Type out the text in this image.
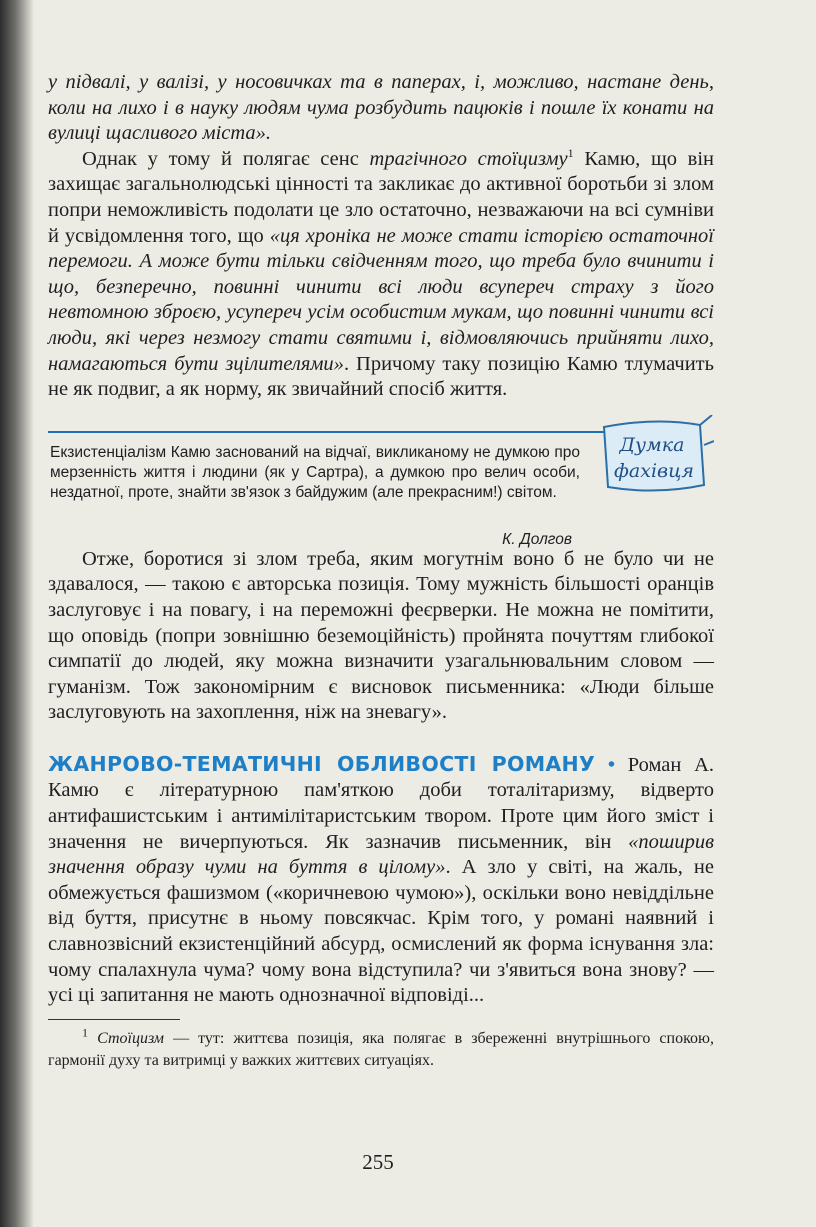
у підвалі, у валізі, у носовичках та в паперах, і, можливо, настане день, коли на лихо і в науку людям чума розбудить пацюків і пошле їх конати на вулиці щасливого міста».

Однак у тому й полягає сенс трагічного стоїцизму$^1$ Камю, що він захищає загальнолюдські цінності та закликає до активної боротьби зі злом попри неможливість подолати це зло остаточно, незважаючи на всі сумніви й усвідомлення того, що «ця хроніка не може стати історією остаточної перемоги. А може бути тільки свідченням того, що треба було вчинити і що, безперечно, повинні чинити всі люди всупереч страху з його невтомною зброєю, усупереч усім особистим мукам, що повинні чинити всі люди, які через незмогу стати святими і, відмовляючись прийняти лихо, намагаються бути зцілителями». Причому таку позицію Камю тлумачить не як подвиг, а як норму, як звичайний спосіб життя.

Екзистенціалізм Камю заснований на відчаї, викликаному не думкою про мерзенність життя і людини (як у Сартра), а думкою про велич особи, нездатної, проте, знайти зв'язок з байдужим (але прекрасним!) світом.
К. Долгов
Думка
фахівця

Отже, боротися зі злом треба, яким могутнім воно б не було чи не здавалося, — такою є авторська позиція. Тому мужність більшості оранців заслуговує і на повагу, і на переможні феєрверки. Не можна не помітити, що оповідь (попри зовнішню беземоційність) пройнята почуттям глибокої симпатії до людей, яку можна визначити узагальнювальним словом — гуманізм. Тож закономірним є висновок письменника: «Люди більше заслуговують на захоплення, ніж на зневагу».

ЖАНРОВО-ТЕМАТИЧНІ ОБЛИВОСТІ РОМАНУ • Роман А. Камю є літературною пам'яткою доби тоталітаризму, відверто антифашистським і антимілітаристським твором. Проте цим його зміст і значення не вичерпуються. Як зазначив письменник, він «поширив значення образу чуми на буття в цілому». А зло у світі, на жаль, не обмежується фашизмом («коричневою чумою»), оскільки воно невіддільне від буття, присутнє в ньому повсякчас. Крім того, у романі наявний і славнозвісний екзистенційний абсурд, осмислений як форма існування зла: чому спалахнула чума? чому вона відступила? чи з'явиться вона знову? — усі ці запитання не мають однозначної відповіді...

$^1$ Стоїцизм — тут: життєва позиція, яка полягає в збереженні внутрішнього спокою, гармонії духу та витримці у важких життєвих ситуаціях.

255
